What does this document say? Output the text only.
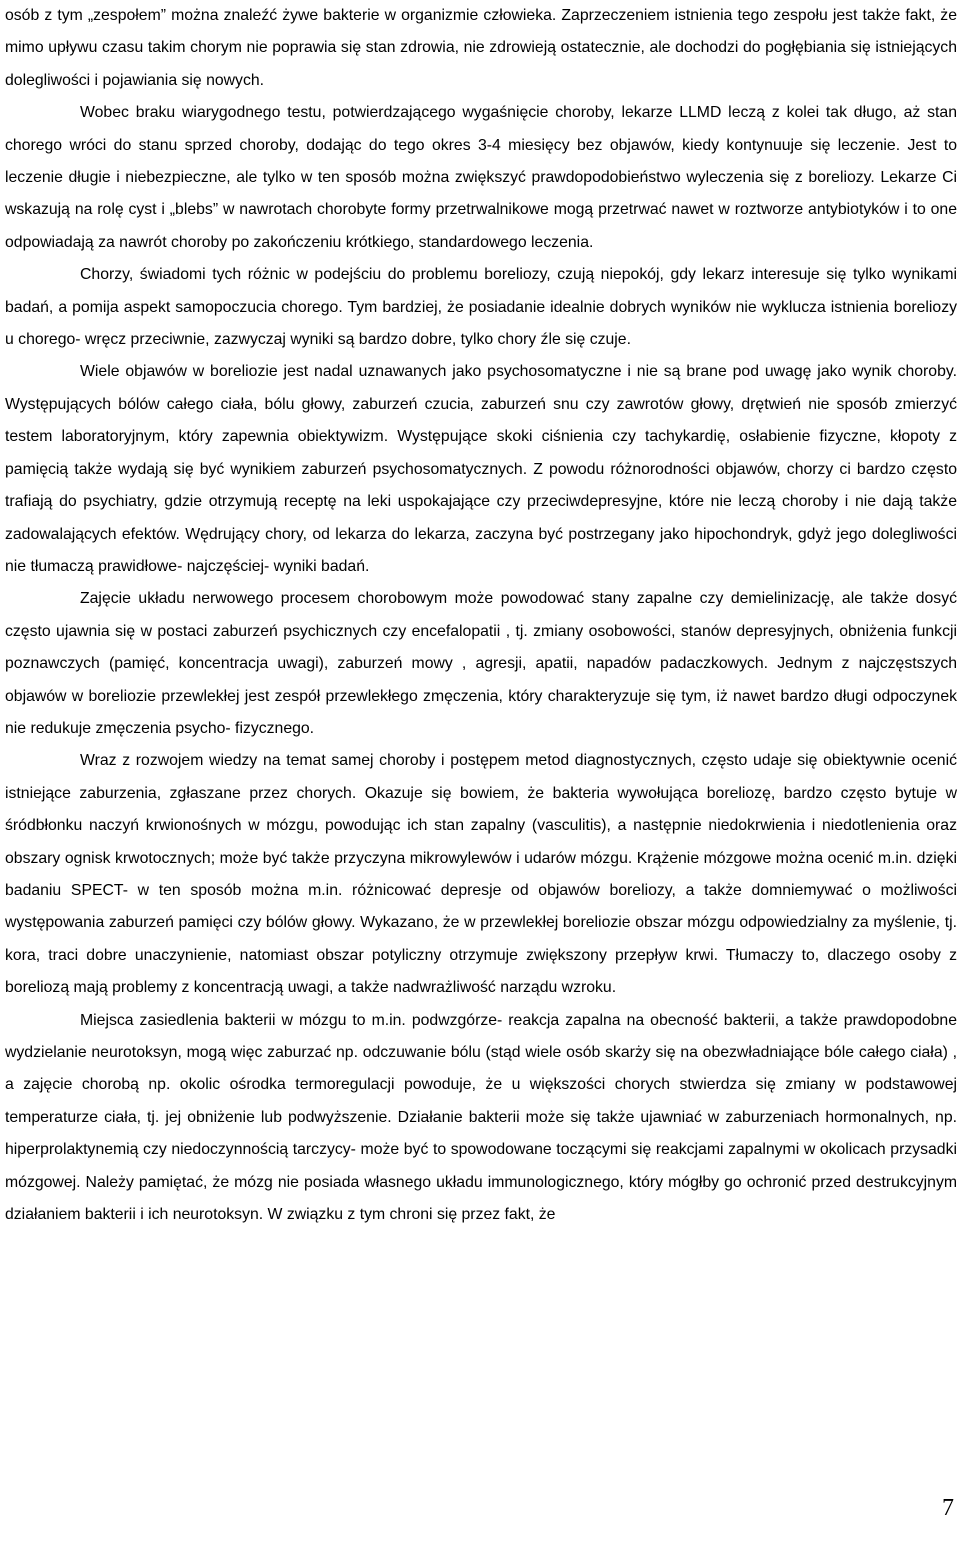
osób z tym „zespołem” można znaleźć żywe bakterie w organizmie człowieka. Zaprzeczeniem istnienia tego zespołu jest także fakt, że mimo upływu czasu takim chorym nie poprawia się stan zdrowia, nie zdrowieją ostatecznie, ale dochodzi do pogłębiania się istniejących dolegliwości i pojawiania się nowych.

Wobec braku wiarygodnego testu, potwierdzającego wygaśnięcie choroby, lekarze LLMD leczą z kolei tak długo, aż stan chorego wróci do stanu sprzed choroby, dodając do tego okres 3-4 miesięcy bez objawów, kiedy kontynuuje się leczenie. Jest to leczenie długie i niebezpieczne, ale tylko w ten sposób można zwiększyć prawdopodobieństwo wyleczenia się z boreliozy. Lekarze Ci wskazują na rolę cyst i „blebs” w nawrotach chorobyte formy przetrwalnikowe mogą przetrwać nawet w roztworze antybiotyków i to one odpowiadają za nawrót choroby po zakończeniu krótkiego, standardowego leczenia.

Chorzy, świadomi tych różnic w podejściu do problemu boreliozy, czują niepokój, gdy lekarz interesuje się tylko wynikami badań, a pomija aspekt samopoczucia chorego. Tym bardziej, że posiadanie idealnie dobrych wyników nie wyklucza istnienia boreliozy u chorego- wręcz przeciwnie, zazwyczaj wyniki są bardzo dobre, tylko chory źle się czuje.

Wiele objawów w boreliozie jest nadal uznawanych jako psychosomatyczne i nie są brane pod uwagę jako wynik choroby. Występujących bólów całego ciała, bólu głowy, zaburzeń czucia, zaburzeń snu czy zawrotów głowy, drętwień nie sposób zmierzyć testem laboratoryjnym, który zapewnia obiektywizm. Występujące skoki ciśnienia czy tachykardię, osłabienie fizyczne, kłopoty z pamięcią także wydają się być wynikiem zaburzeń psychosomatycznych. Z powodu różnorodności objawów, chorzy ci bardzo często trafiają do psychiatry, gdzie otrzymują receptę na leki uspokajające czy przeciwdepresyjne, które nie leczą choroby i nie dają także zadowalających efektów. Wędrujący chory, od lekarza do lekarza, zaczyna być postrzegany jako hipochondryk, gdyż jego dolegliwości nie tłumaczą prawidłowe- najczęściej- wyniki badań.

Zajęcie układu nerwowego procesem chorobowym może powodować stany zapalne czy demielinizację, ale także dosyć często ujawnia się w postaci zaburzeń psychicznych czy encefalopatii , tj. zmiany osobowości, stanów depresyjnych, obniżenia funkcji poznawczych (pamięć, koncentracja uwagi), zaburzeń mowy , agresji, apatii, napadów padaczkowych. Jednym z najczęstszych objawów w boreliozie przewlekłej jest zespół przewlekłego zmęczenia, który charakteryzuje się tym, iż nawet bardzo długi odpoczynek nie redukuje zmęczenia psycho- fizycznego.

Wraz z rozwojem wiedzy na temat samej choroby i postępem metod diagnostycznych, często udaje się obiektywnie ocenić istniejące zaburzenia, zgłaszane przez chorych. Okazuje się bowiem, że bakteria wywołująca boreliozę, bardzo często bytuje w śródbłonku naczyń krwionośnych w mózgu, powodując ich stan zapalny (vasculitis), a następnie niedokrwienia i niedotlenienia oraz obszary ognisk krwotocznych; może być także przyczyna mikrowylewów i udarów mózgu. Krążenie mózgowe można ocenić m.in. dzięki badaniu SPECT- w ten sposób można m.in. różnicować depresje od objawów boreliozy, a także domniemywać o możliwości występowania zaburzeń pamięci czy bólów głowy. Wykazano, że w przewlekłej boreliozie obszar mózgu odpowiedzialny za myślenie, tj. kora, traci dobre unaczynienie, natomiast obszar potyliczny otrzymuje zwiększony przepływ krwi. Tłumaczy to, dlaczego osoby z boreliozą mają problemy z koncentracją uwagi, a także nadwrażliwość narządu wzroku.

Miejsca zasiedlenia bakterii w mózgu to m.in. podwzgórze- reakcja zapalna na obecność bakterii, a także prawdopodobne wydzielanie neurotoksyn, mogą więc zaburzać np. odczuwanie bólu (stąd wiele osób skarży się na obezwładniające bóle całego ciała) , a zajęcie chorobą np. okolic ośrodka termoregulacji powoduje, że u większości chorych stwierdza się zmiany w podstawowej temperaturze ciała, tj. jej obniżenie lub podwyższenie. Działanie bakterii może się także ujawniać w zaburzeniach hormonalnych, np. hiperprolaktynemią czy niedoczynnością tarczycy- może być to spowodowane toczącymi się reakcjami zapalnymi w okolicach przysadki mózgowej. Należy pamiętać, że mózg nie posiada własnego układu immunologicznego, który mógłby go ochronić przed destrukcyjnym działaniem bakterii i ich neurotoksyn. W związku z tym chroni się przez fakt, że

7
